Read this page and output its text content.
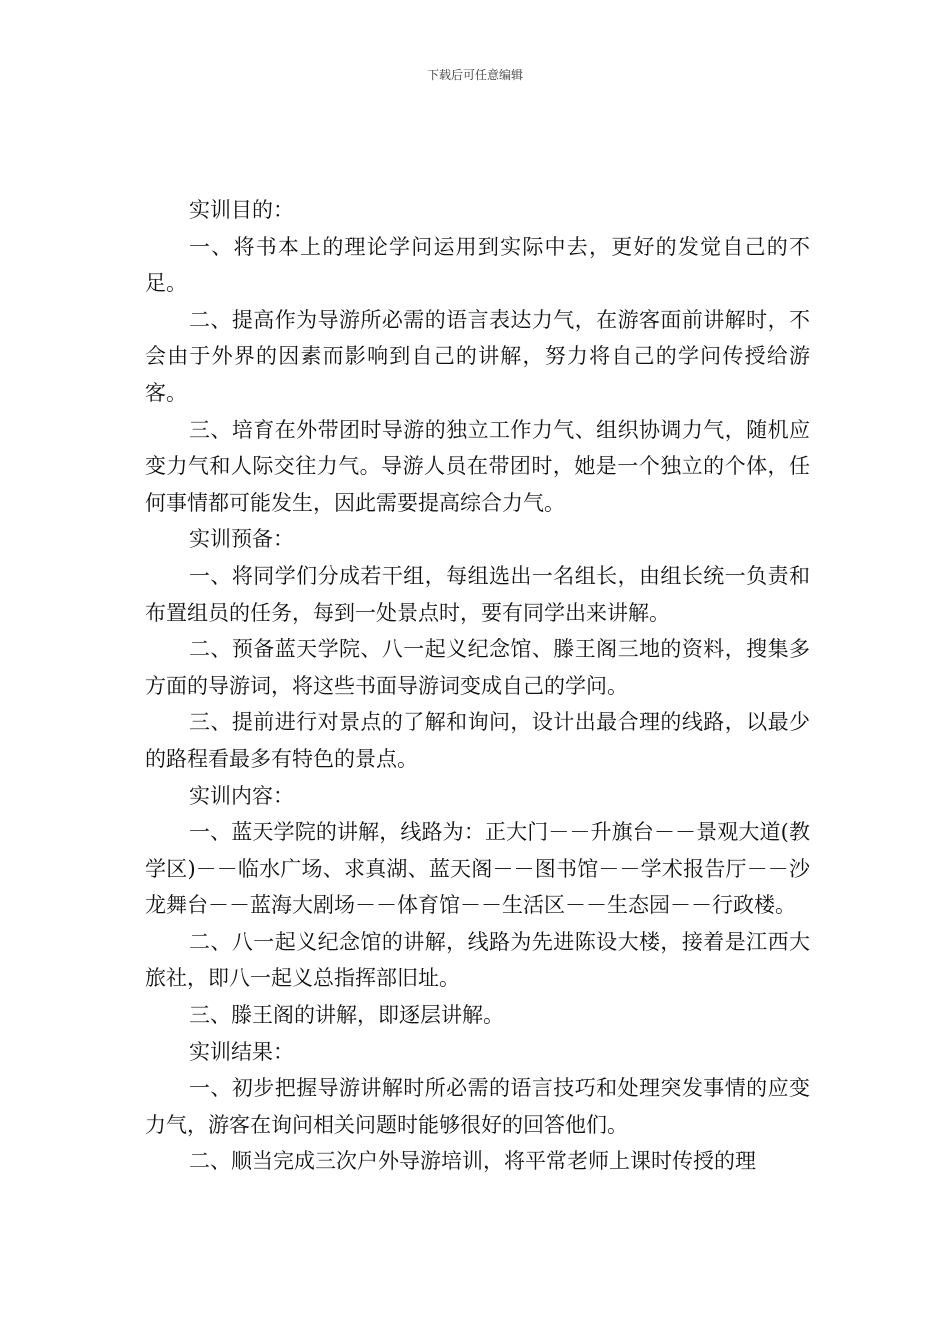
下载后可任意编辑

实训目的：

一、将书本上的理论学问运用到实际中去，更好的发觉自己的不足。

二、提高作为导游所必需的语言表达力气，在游客面前讲解时，不会由于外界的因素而影响到自己的讲解，努力将自己的学问传授给游客。

三、培育在外带团时导游的独立工作力气、组织协调力气，随机应变力气和人际交往力气。导游人员在带团时，她是一个独立的个体，任何事情都可能发生，因此需要提高综合力气。

实训预备：

一、将同学们分成若干组，每组选出一名组长，由组长统一负责和布置组员的任务，每到一处景点时，要有同学出来讲解。

二、预备蓝天学院、八一起义纪念馆、滕王阁三地的资料，搜集多方面的导游词，将这些书面导游词变成自己的学问。

三、提前进行对景点的了解和询问，设计出最合理的线路，以最少的路程看最多有特色的景点。

实训内容：

一、蓝天学院的讲解，线路为：正大门－－升旗台－－景观大道(教学区)－－临水广场、求真湖、蓝天阁－－图书馆－－学术报告厅－－沙龙舞台－－蓝海大剧场－－体育馆－－生活区－－生态园－－行政楼。

二、八一起义纪念馆的讲解，线路为先进陈设大楼，接着是江西大旅社，即八一起义总指挥部旧址。

三、滕王阁的讲解，即逐层讲解。

实训结果：

一、初步把握导游讲解时所必需的语言技巧和处理突发事情的应变力气，游客在询问相关问题时能够很好的回答他们。

二、顺当完成三次户外导游培训，将平常老师上课时传授的理
